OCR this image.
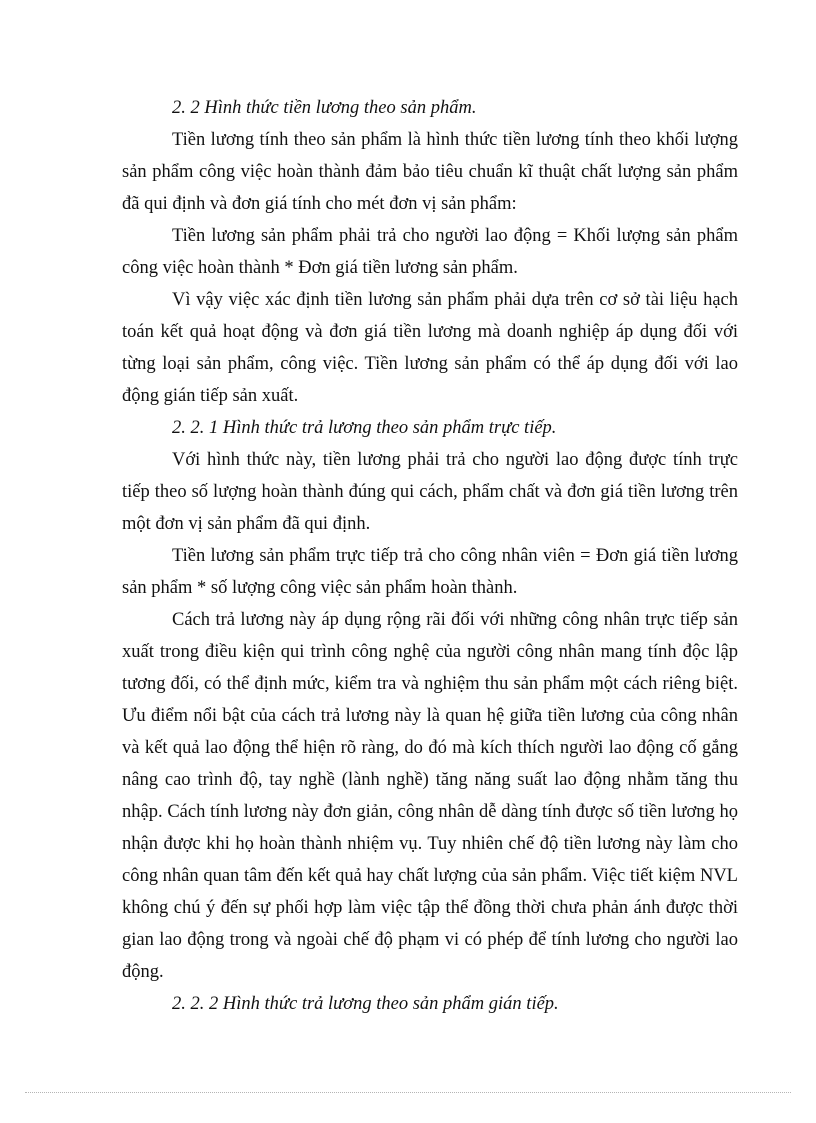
2. 2 Hình thức tiền lương theo sản phẩm.

Tiền lương tính theo sản phẩm là hình thức tiền lương tính theo khối lượng sản phẩm công việc hoàn thành đảm bảo tiêu chuẩn kĩ thuật chất lượng sản phẩm đã qui định và đơn giá tính cho mét đơn vị sản phẩm:

Tiền lương sản phẩm phải trả cho người lao động = Khối lượng sản phẩm công việc hoàn thành * Đơn giá tiền lương sản phẩm.

Vì vậy việc xác định tiền lương sản phẩm phải dựa trên cơ sở tài liệu hạch toán kết quả hoạt động và đơn giá tiền lương mà doanh nghiệp áp dụng đối với từng loại sản phẩm, công việc. Tiền lương sản phẩm có thể áp dụng đối với lao động gián tiếp sản xuất.

2. 2. 1 Hình thức trả lương theo sản phẩm trực tiếp.

Với hình thức này, tiền lương phải trả cho người lao động được tính trực tiếp theo số lượng hoàn thành đúng qui cách, phẩm chất và đơn giá tiền lương trên một đơn vị sản phẩm đã qui định.

Tiền lương sản phẩm trực tiếp trả cho công nhân viên = Đơn giá tiền lương sản phẩm * số lượng công việc sản phẩm hoàn thành.

Cách trả lương này áp dụng rộng rãi đối với những công nhân trực tiếp sản xuất trong điều kiện qui trình công nghệ của người công nhân mang tính độc lập tương đối, có thể định mức, kiểm tra và nghiệm thu sản phẩm một cách riêng biệt. Ưu điểm nổi bật của cách trả lương này là quan hệ giữa tiền lương của công nhân và kết quả lao động thể hiện rõ ràng, do đó mà kích thích người lao động cố gắng nâng cao trình độ, tay nghề (lành nghề) tăng năng suất lao động nhằm tăng thu nhập. Cách tính lương này đơn giản, công nhân dễ dàng tính được số tiền lương họ nhận được khi họ hoàn thành nhiệm vụ. Tuy nhiên chế độ tiền lương này làm cho công nhân quan tâm đến kết quả hay chất lượng của sản phẩm. Việc tiết kiệm NVL không chú ý đến sự phối hợp làm việc tập thể đồng thời chưa phản ánh được thời gian lao động trong và ngoài chế độ phạm vi có phép để tính lương cho người lao động.

2. 2. 2 Hình thức trả lương theo sản phẩm gián tiếp.
